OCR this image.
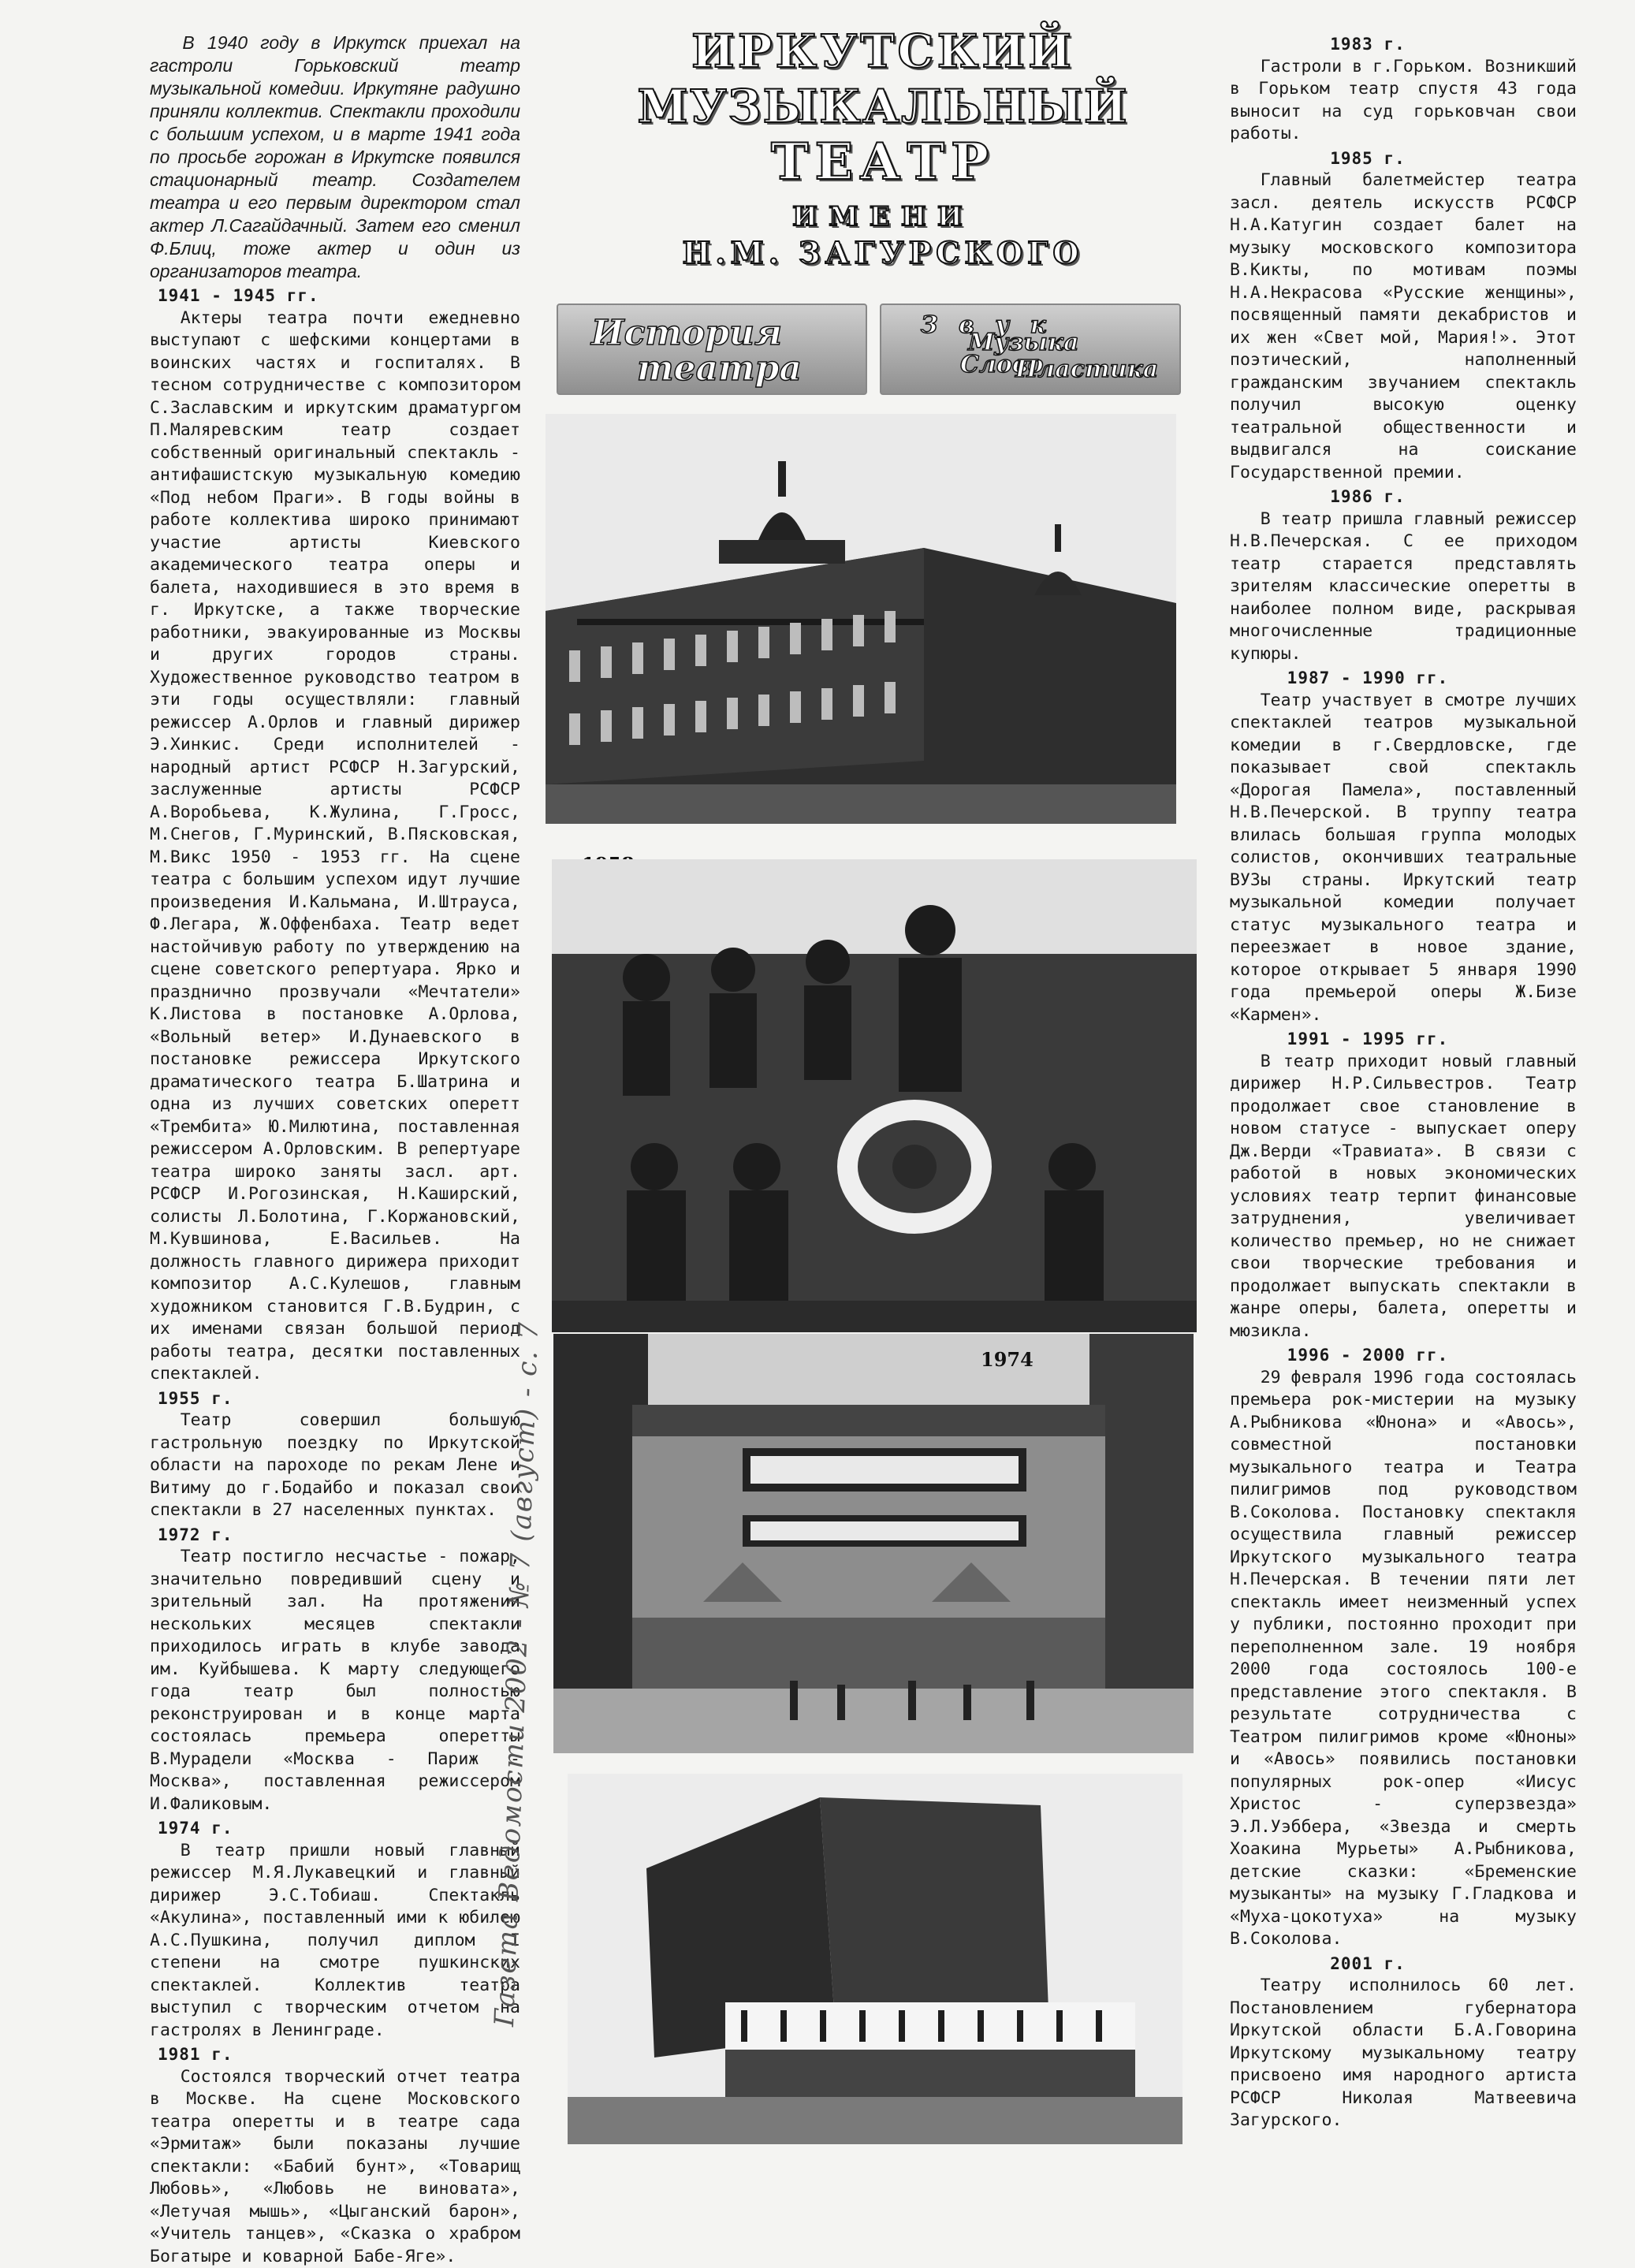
В 1940 году в Иркутск приехал на гастроли Горьковский театр музыкальной комедии. Иркутяне радушно приняли коллектив. Спектакли проходили с большим успехом, и в марте 1941 года по просьбе горожан в Иркутске появился стационарный театр. Создателем театра и его первым директором стал актер Л.Сагайдачный. Затем его сменил Ф.Блиц, тоже актер и один из организаторов театра.

1941 - 1945 гг.

Актеры театра почти ежедневно выступают с шефскими концертами в воинских частях и госпиталях. В тесном сотрудничестве с композитором С.Заславским и иркутским драматургом П.Маляревским театр создает собственный оригинальный спектакль - антифашистскую музыкальную комедию «Под небом Праги». В годы войны в работе коллектива широко принимают участие артисты Киевского академического театра оперы и балета, находившиеся в это время в г. Иркутске, а также творческие работники, эвакуированные из Москвы и других городов страны. Художественное руководство театром в эти годы осуществляли: главный режиссер А.Орлов и главный дирижер Э.Хинкис. Среди исполнителей - народный артист РСФСР Н.Загурский, заслуженные артисты РСФСР А.Воробьева, К.Жулина, Г.Гросс, М.Снегов, Г.Муринский, В.Пясковская, М.Викс 1950 - 1953 гг. На сцене театра с большим успехом идут лучшие произведения И.Кальмана, И.Штрауса, Ф.Легара, Ж.Оффенбаха. Театр ведет настойчивую работу по утверждению на сцене советского репертуара. Ярко и празднично прозвучали «Мечтатели» К.Листова в постановке А.Орлова, «Вольный ветер» И.Дунаевского в постановке режиссера Иркутского драматического театра Б.Шатрина и одна из лучших советских оперетт «Трембита» Ю.Милютина, поставленная режиссером А.Орловским. В репертуаре театра широко заняты засл. арт. РСФСР И.Рогозинская, Н.Каширский, солисты Л.Болотина, Г.Коржановский, М.Кувшинова, Е.Васильев. На должность главного дирижера приходит композитор А.С.Кулешов, главным художником становится Г.В.Будрин, с их именами связан большой период работы театра, десятки поставленных спектаклей.

1955 г.

Театр совершил большую гастрольную поездку по Иркутской области на пароходе по рекам Лене и Витиму до г.Бодайбо и показал свои спектакли в 27 населенных пунктах.

1972 г.

Театр постигло несчастье - пожар, значительно повредивший сцену и зрительный зал. На протяжении нескольких месяцев спектакли приходилось играть в клубе завода им. Куйбышева. К марту следующего года театр был полностью реконструирован и в конце марта состоялась премьера оперетты В.Мурадели «Москва - Париж - Москва», поставленная режиссером И.Фаликовым.

1974 г.

В театр пришли новый главный режиссер М.Я.Лукавецкий и главный дирижер Э.С.Тобиаш. Спектакль «Акулина», поставленный ими к юбилею А.С.Пушкина, получил диплом I степени на смотре пушкинских спектаклей. Коллектив театра выступил с творческим отчетом на гастролях в Ленинграде.

1981 г.

Состоялся творческий отчет театра в Москве. На сцене Московского театра оперетты и в театре сада «Эрмитаж» были показаны лучшие спектакли: «Бабий бунт», «Товарищ Любовь», «Любовь не виновата», «Летучая мышь», «Цыганский барон», «Учитель танцев», «Сказка о храбром Богатыре и коварной Бабе-Яге».

ИРКУТСКИЙ
МУЗЫКАЛЬНЫЙ
ТЕАТР
ИМЕНИ
Н.М. ЗАГУРСКОГО
История
театра
З в у к
Музыка
Слово
Пластика
1974
Газета Ведомости 2002 - № 7 (август) - с. 7
1983 г.

Гастроли в г.Горьком. Возникший в Горьком театр спустя 43 года выносит на суд горьковчан свои работы.

1985 г.

Главный балетмейстер театра засл. деятель искусств РСФСР Н.А.Катугин создает балет на музыку московского композитора В.Кикты, по мотивам поэмы Н.А.Некрасова «Русские женщины», посвященный памяти декабристов и их жен «Свет мой, Мария!». Этот поэтический, наполненный гражданским звучанием спектакль получил высокую оценку театральной общественности и выдвигался на соискание Государственной премии.

1986 г.

В театр пришла главный режиссер Н.В.Печерская. С ее приходом театр старается представлять зрителям классические оперетты в наиболее полном виде, раскрывая многочисленные традиционные купюры.

1987 - 1990 гг.

Театр участвует в смотре лучших спектаклей театров музыкальной комедии в г.Свердловске, где показывает свой спектакль «Дорогая Памела», поставленный Н.В.Печерской. В труппу театра влилась большая группа молодых солистов, окончивших театральные ВУЗы страны. Иркутский театр музыкальной комедии получает статус музыкального театра и переезжает в новое здание, которое открывает 5 января 1990 года премьерой оперы Ж.Бизе «Кармен».

1991 - 1995 гг.

В театр приходит новый главный дирижер Н.Р.Сильвестров. Театр продолжает свое становление в новом статусе - выпускает оперу Дж.Верди «Травиата». В связи с работой в новых экономических условиях театр терпит финансовые затруднения, увеличивает количество премьер, но не снижает свои творческие требования и продолжает выпускать спектакли в жанре оперы, балета, оперетты и мюзикла.

1996 - 2000 гг.

29 февраля 1996 года состоялась премьера рок-мистерии на музыку А.Рыбникова «Юнона» и «Авось», совместной постановки музыкального театра и Театра пилигримов под руководством В.Соколова. Постановку спектакля осуществила главный режиссер Иркутского музыкального театра Н.Печерская. В течении пяти лет спектакль имеет неизменный успех у публики, постоянно проходит при переполненном зале. 19 ноября 2000 года состоялось 100-е представление этого спектакля. В результате сотрудничества с Театром пилигримов кроме «Юноны» и «Авось» появились постановки популярных рок-опер «Иисус Христос - суперзвезда» Э.Л.Уэббера, «Звезда и смерть Хоакина Мурьеты» А.Рыбникова, детские сказки: «Бременские музыканты» на музыку Г.Гладкова и «Муха-цокотуха» на музыку В.Соколова.

2001 г.

Театру исполнилось 60 лет. Постановлением губернатора Иркутской области Б.А.Говорина Иркутскому музыкальному театру присвоено имя народного артиста РСФСР Николая Матвеевича Загурского.
